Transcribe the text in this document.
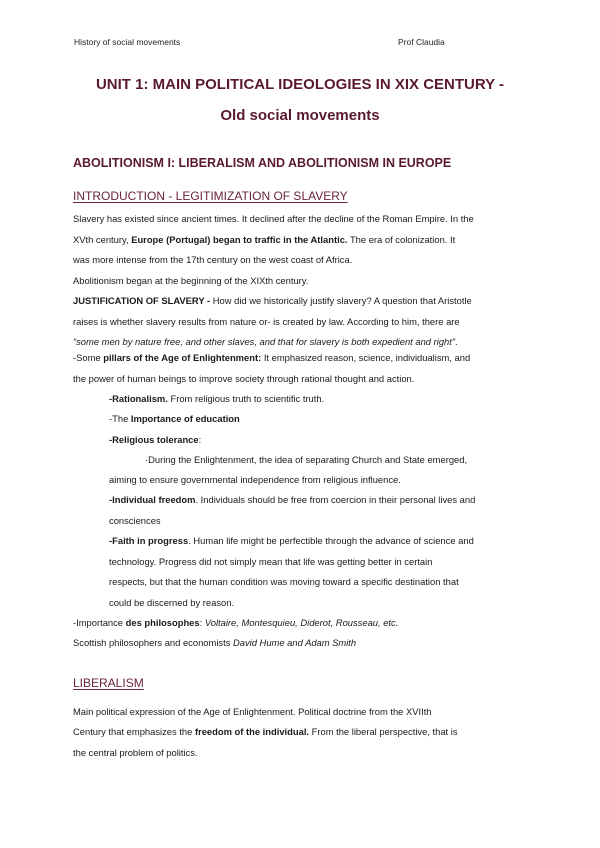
History of social movements	Prof Claudia
UNIT 1: MAIN POLITICAL IDEOLOGIES IN XIX CENTURY -
Old social movements
ABOLITIONISM I: LIBERALISM AND ABOLITIONISM IN EUROPE
INTRODUCTION - LEGITIMIZATION OF SLAVERY
Slavery has existed since ancient times. It declined after the decline of the Roman Empire. In the
XVth century, Europe (Portugal) began to traffic in the Atlantic. The era of colonization. It
was more intense from the 17th century on the west coast of Africa.
Abolitionism began at the beginning of the XIXth century.
JUSTIFICATION OF SLAVERY - How did we historically justify slavery? A question that Aristotle
raises is whether slavery results from nature or- is created by law. According to him, there are
“some men by nature free, and other slaves, and that for slavery is both expedient and right”.
-Some pillars of the Age of Enlightenment: It emphasized reason, science, individualism, and
the power of human beings to improve society through rational thought and action.
-Rationalism. From religious truth to scientific truth.
-The Importance of education
-Religious tolerance:
·During the Enlightenment, the idea of separating Church and State emerged,
aiming to ensure governmental independence from religious influence.
-Individual freedom. Individuals should be free from coercion in their personal lives and
consciences
-Faith in progress. Human life might be perfectible through the advance of science and
technology. Progress did not simply mean that life was getting better in certain
respects, but that the human condition was moving toward a specific destination that
could be discerned by reason.
-Importance des philosophes: Voltaire, Montesquieu, Diderot, Rousseau, etc.
Scottish philosophers and economists David Hume and Adam Smith
LIBERALISM
Main political expression of the Age of Enlightenment. Political doctrine from the XVIIth
Century that emphasizes the freedom of the individual. From the liberal perspective, that is
the central problem of politics.
